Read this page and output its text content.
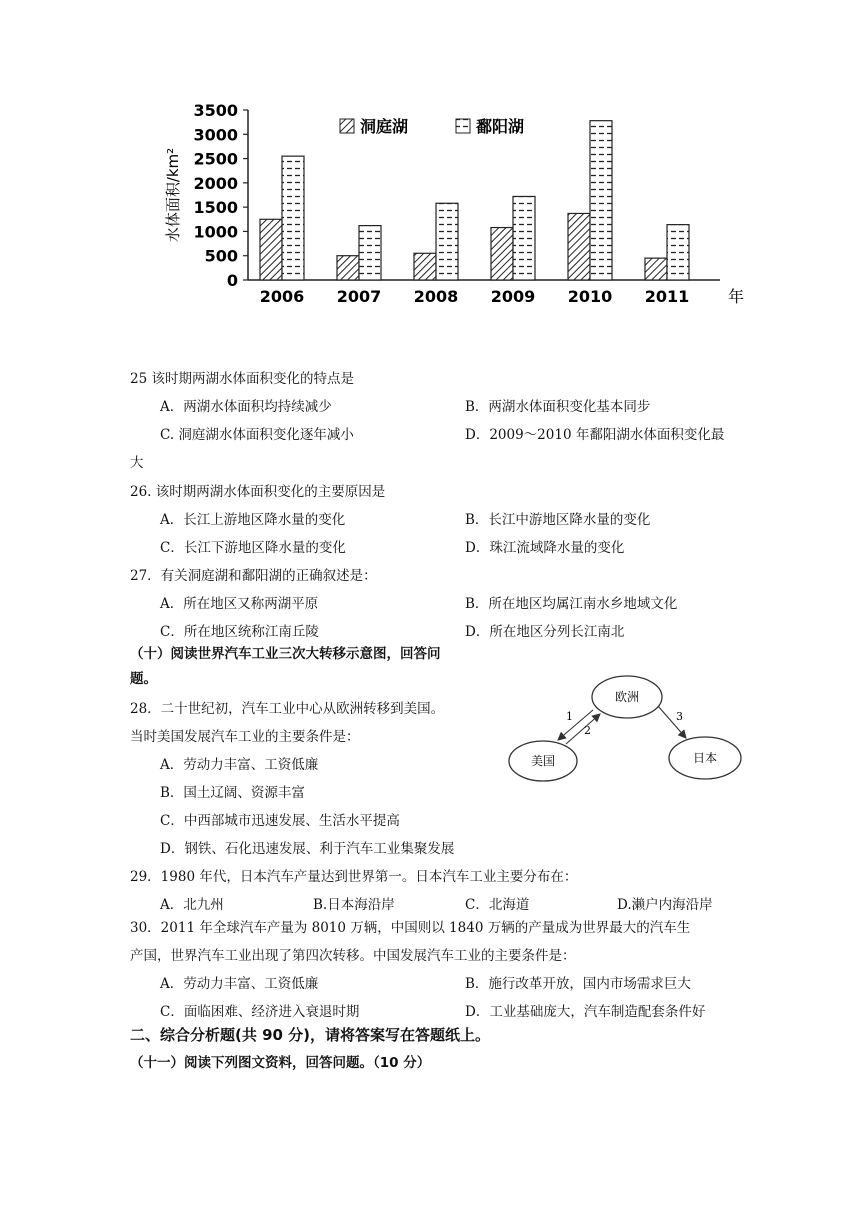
0
500
1000
1500
2000
2500
3000
3500
水体面积/km²
2006 2007 2008 2009 2010 2011 年
洞庭湖	鄱阳湖
欧洲
美国	日本
1
2
3
25 该时期两湖水体面积变化的特点是
A．两湖水体面积均持续减少	B．两湖水体面积变化基本同步
C. 洞庭湖水体面积变化逐年减小	D．2009～2010 年鄱阳湖水体面积变化最
大
26. 该时期两湖水体面积变化的主要原因是
A．长江上游地区降水量的变化	B．长江中游地区降水量的变化
C．长江下游地区降水量的变化	D．珠江流域降水量的变化
27．有关洞庭湖和鄱阳湖的正确叙述是：
A．所在地区又称两湖平原	B．所在地区均属江南水乡地域文化
C．所在地区统称江南丘陵	D．所在地区分列长江南北
（十）阅读世界汽车工业三次大转移示意图，回答问
题。
28．二十世纪初，汽车工业中心从欧洲转移到美国。
当时美国发展汽车工业的主要条件是：
A．劳动力丰富、工资低廉
B．国土辽阔、资源丰富
C．中西部城市迅速发展、生活水平提高
D．钢铁、石化迅速发展、利于汽车工业集聚发展
29．1980 年代，日本汽车产量达到世界第一。日本汽车工业主要分布在：
A．北九州	B.日本海沿岸	C．北海道	D.濑户内海沿岸
30．2011 年全球汽车产量为 8010 万辆，中国则以 1840 万辆的产量成为世界最大的汽车生
产国，世界汽车工业出现了第四次转移。中国发展汽车工业的主要条件是：
A．劳动力丰富、工资低廉	B．施行改革开放，国内市场需求巨大
C．面临困难、经济进入衰退时期	D．工业基础庞大，汽车制造配套条件好
二、综合分析题(共 90 分)，请将答案写在答题纸上。
（十一）阅读下列图文资料，回答问题。（10 分）
